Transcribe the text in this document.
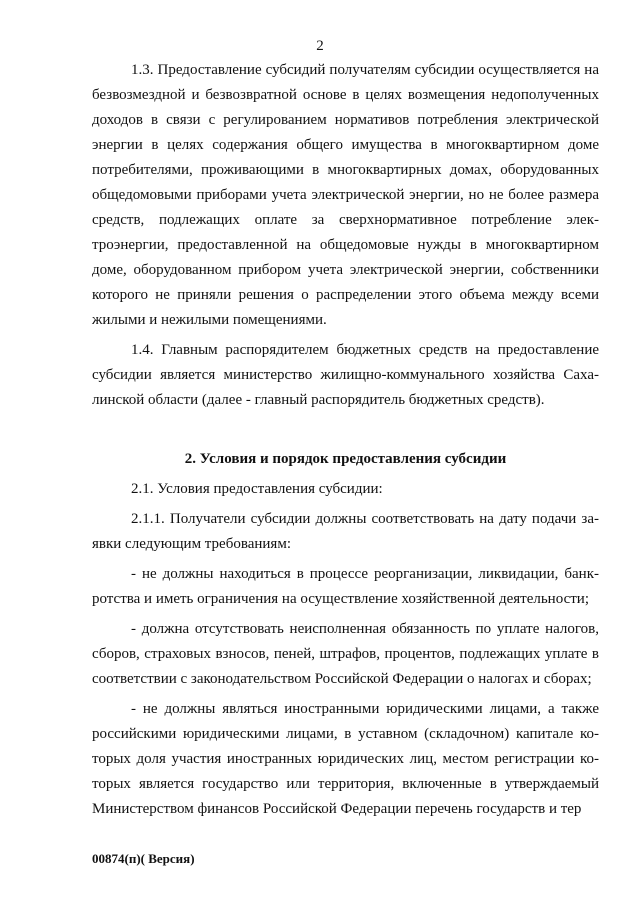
2

1.3. Предоставление субсидий получателям субсидии осуществляется на безвозмездной и безвозвратной основе в целях возмещения недополученных доходов в связи с регулированием нормативов потребления электрической энергии в целях содержания общего имущества в многоквартирном доме потребителями, проживающими в многоквартирных домах, оборудованных общедомовыми приборами учета электрической энергии, но не более размера средств, подлежащих оплате за сверхнормативное потребление электроэнергии, предоставленной на общедомовые нужды в многоквартирном доме, оборудованном прибором учета электрической энергии, собственники которого не приняли решения о распределении этого объема между всеми жилыми и нежилыми помещениями.

1.4. Главным распорядителем бюджетных средств на предоставление субсидии является министерство жилищно-коммунального хозяйства Сахалинской области (далее - главный распорядитель бюджетных средств).

2. Условия и порядок предоставления субсидии

2.1. Условия предоставления субсидии:

2.1.1. Получатели субсидии должны соответствовать на дату подачи заявки следующим требованиям:

- не должны находиться в процессе реорганизации, ликвидации, банкротства и иметь ограничения на осуществление хозяйственной деятельности;

- должна отсутствовать неисполненная обязанность по уплате налогов, сборов, страховых взносов, пеней, штрафов, процентов, подлежащих уплате в соответствии с законодательством Российской Федерации о налогах и сборах;

- не должны являться иностранными юридическими лицами, а также российскими юридическими лицами, в уставном (складочном) капитале которых доля участия иностранных юридических лиц, местом регистрации которых является государство или территория, включенные в утверждаемый Министерством финансов Российской Федерации перечень государств и тер

00874(п)( Версия)
